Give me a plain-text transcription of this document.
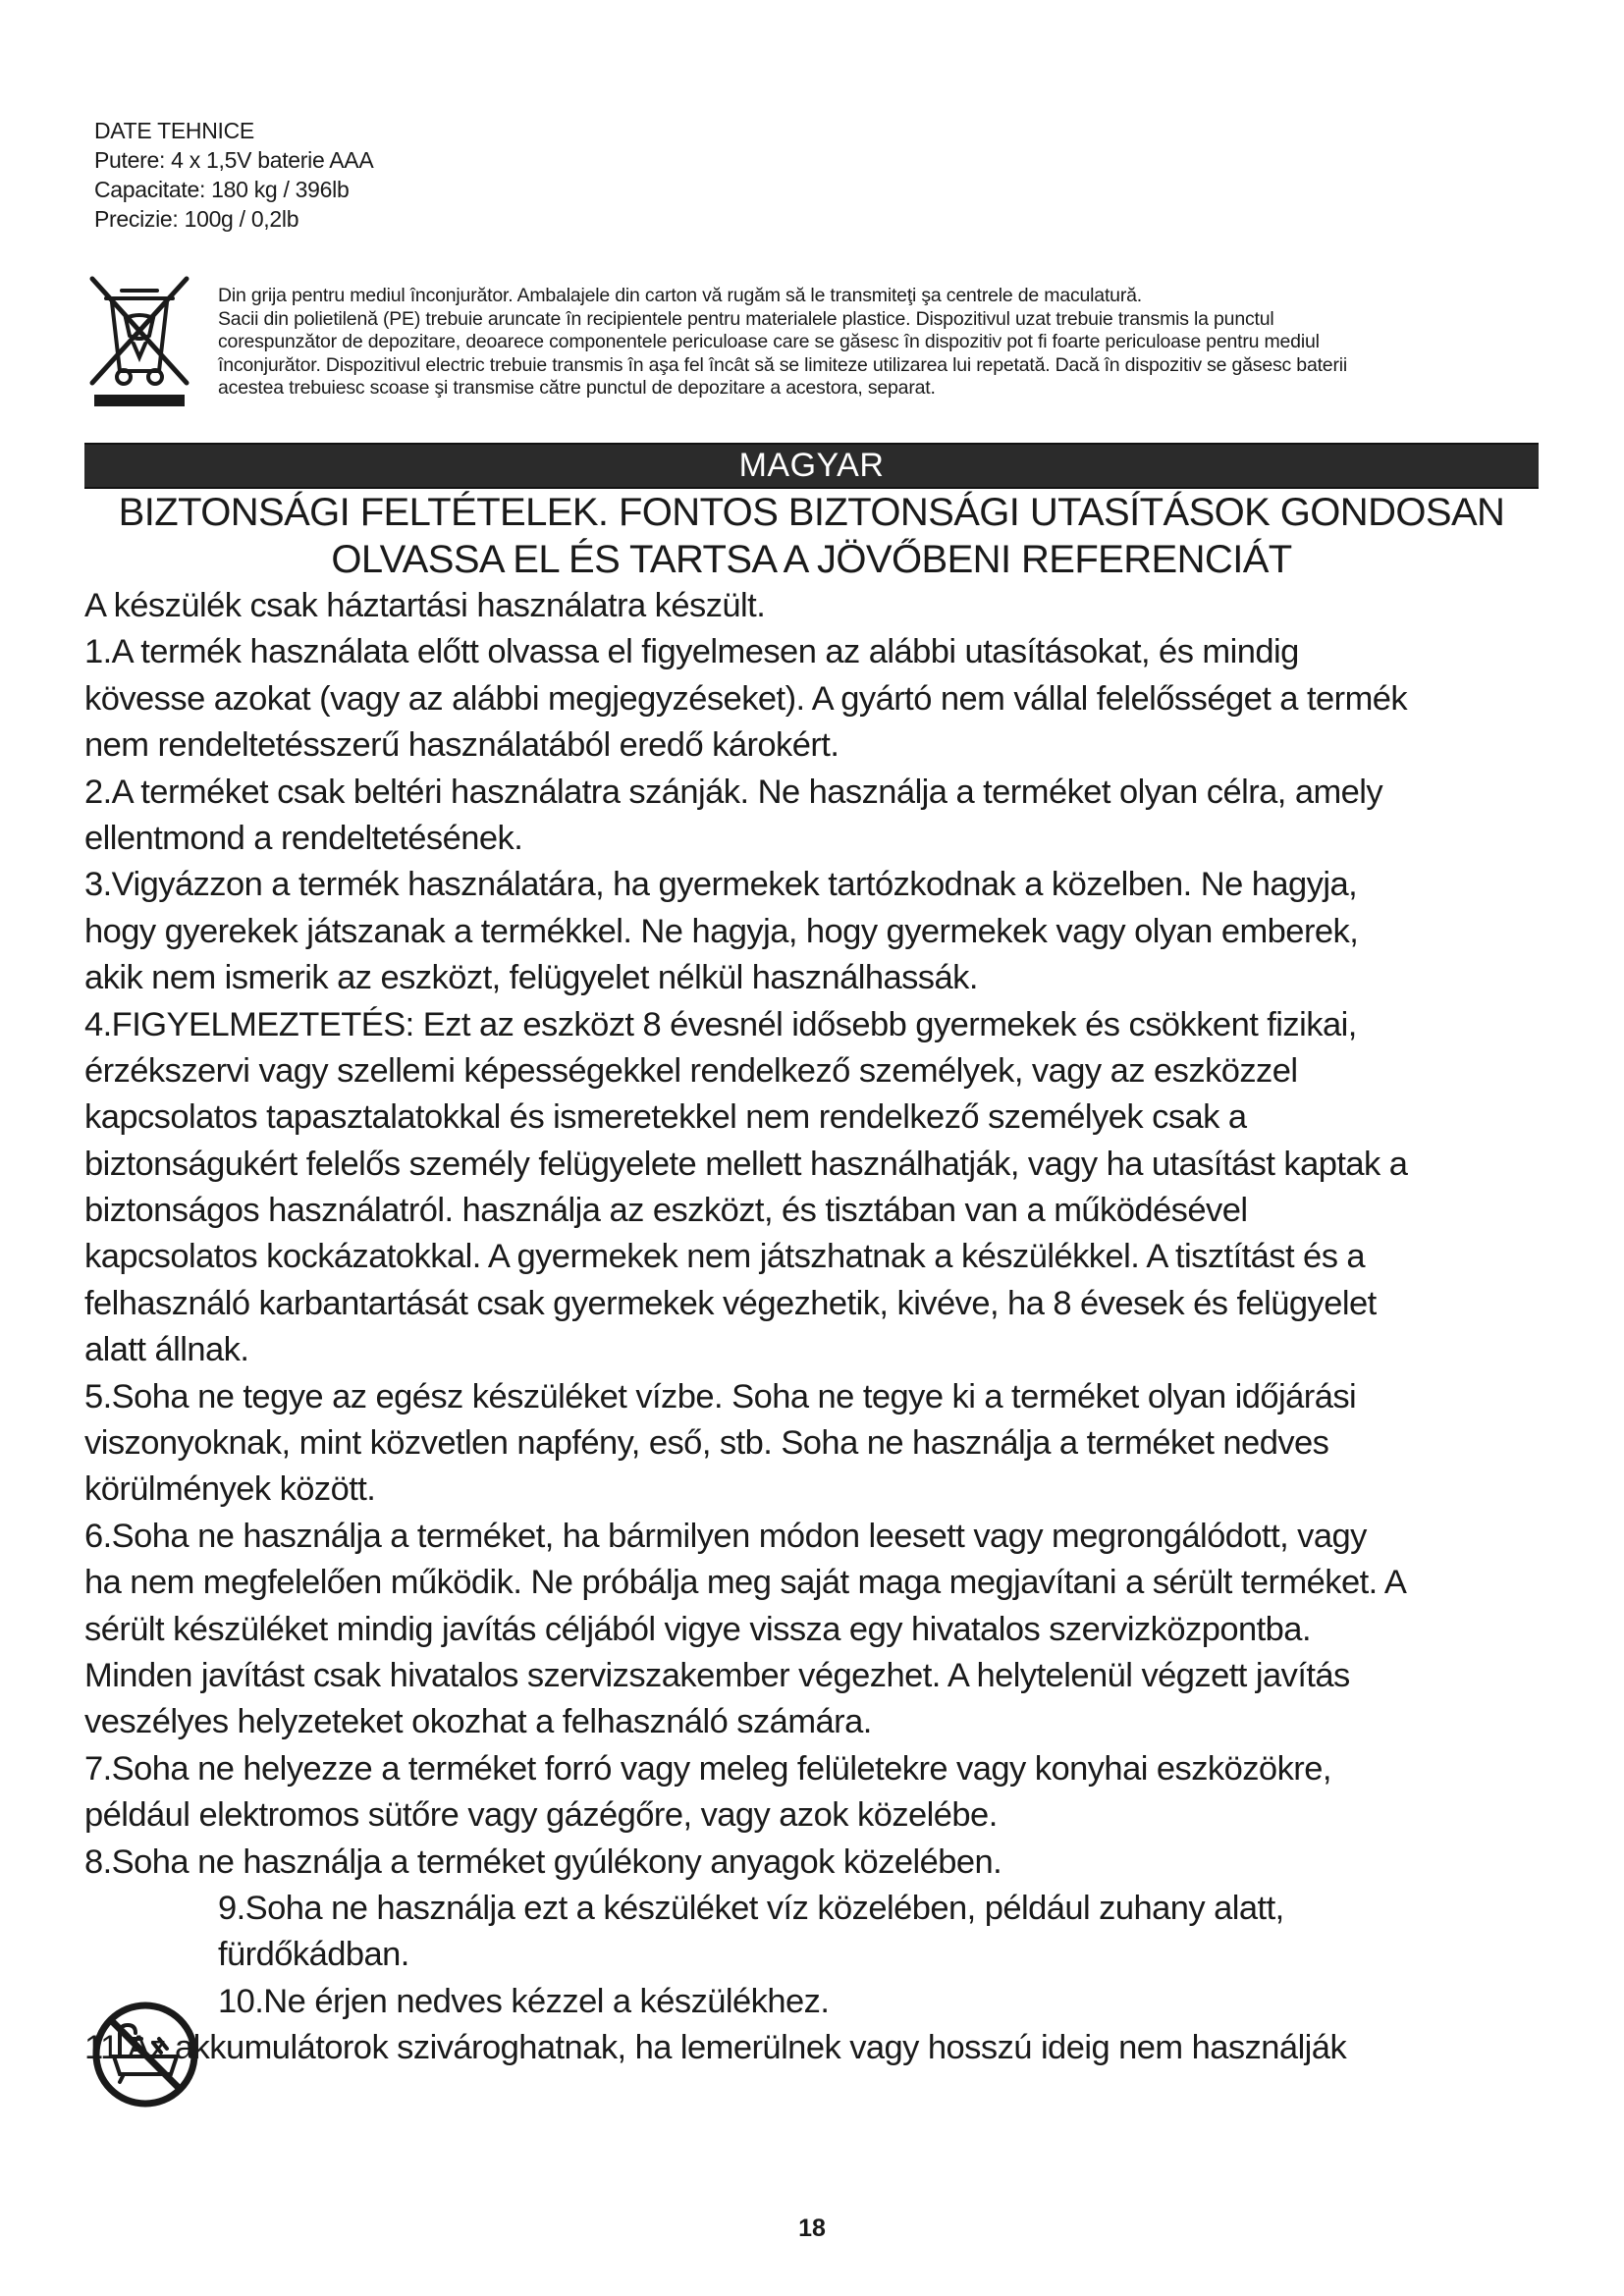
DATE TEHNICE
Putere: 4 x 1,5V baterie AAA
Capacitate: 180 kg / 396lb
Precizie: 100g / 0,2lb
Din grija pentru mediul înconjurător. Ambalajele din carton vă rugăm să le transmiteţi şa centrele de maculatură.
Sacii din polietilenă (PE) trebuie aruncate în recipientele pentru materialele plastice. Dispozitivul uzat trebuie transmis la punctul
corespunzător de depozitare, deoarece componentele periculoase care se găsesc în dispozitiv pot fi foarte periculoase pentru mediul
înconjurător. Dispozitivul electric trebuie transmis în aşa fel încât să se limiteze utilizarea lui repetată. Dacă în dispozitiv se găsesc baterii
acestea trebuiesc scoase şi transmise către punctul de depozitare a acestora, separat.
MAGYAR
BIZTONSÁGI FELTÉTELEK. FONTOS BIZTONSÁGI UTASÍTÁSOK GONDOSAN
OLVASSA EL ÉS TARTSA A JÖVŐBENI REFERENCIÁT
A készülék csak háztartási használatra készült.
1.A termék használata előtt olvassa el figyelmesen az alábbi utasításokat, és mindig
kövesse azokat (vagy az alábbi megjegyzéseket). A gyártó nem vállal felelősséget a termék
nem rendeltetésszerű használatából eredő károkért.
2.A terméket csak beltéri használatra szánják. Ne használja a terméket olyan célra, amely
ellentmond a rendeltetésének.
3.Vigyázzon a termék használatára, ha gyermekek tartózkodnak a közelben. Ne hagyja,
hogy gyerekek játszanak a termékkel. Ne hagyja, hogy gyermekek vagy olyan emberek,
akik nem ismerik az eszközt, felügyelet nélkül használhassák.
4.FIGYELMEZTETÉS: Ezt az eszközt 8 évesnél idősebb gyermekek és csökkent fizikai,
érzékszervi vagy szellemi képességekkel rendelkező személyek, vagy az eszközzel
kapcsolatos tapasztalatokkal és ismeretekkel nem rendelkező személyek csak a
biztonságukért felelős személy felügyelete mellett használhatják, vagy ha utasítást kaptak a
biztonságos használatról. használja az eszközt, és tisztában van a működésével
kapcsolatos kockázatokkal. A gyermekek nem játszhatnak a készülékkel. A tisztítást és a
felhasználó karbantartását csak gyermekek végezhetik, kivéve, ha 8 évesek és felügyelet
alatt állnak.
5.Soha ne tegye az egész készüléket vízbe. Soha ne tegye ki a terméket olyan időjárási
viszonyoknak, mint közvetlen napfény, eső, stb. Soha ne használja a terméket nedves
körülmények között.
6.Soha ne használja a terméket, ha bármilyen módon leesett vagy megrongálódott, vagy
ha nem megfelelően működik. Ne próbálja meg saját maga megjavítani a sérült terméket. A
sérült készüléket mindig javítás céljából vigye vissza egy hivatalos szervizközpontba.
Minden javítást csak hivatalos szervizszakember végezhet. A helytelenül végzett javítás
veszélyes helyzeteket okozhat a felhasználó számára.
7.Soha ne helyezze a terméket forró vagy meleg felületekre vagy konyhai eszközökre,
például elektromos sütőre vagy gázégőre, vagy azok közelébe.
8.Soha ne használja a terméket gyúlékony anyagok közelében.
9.Soha ne használja ezt a készüléket víz közelében, például zuhany alatt,
fürdőkádban.
10.Ne érjen nedves kézzel a készülékhez.
11.Az akkumulátorok szivároghatnak, ha lemerülnek vagy hosszú ideig nem használják
18
